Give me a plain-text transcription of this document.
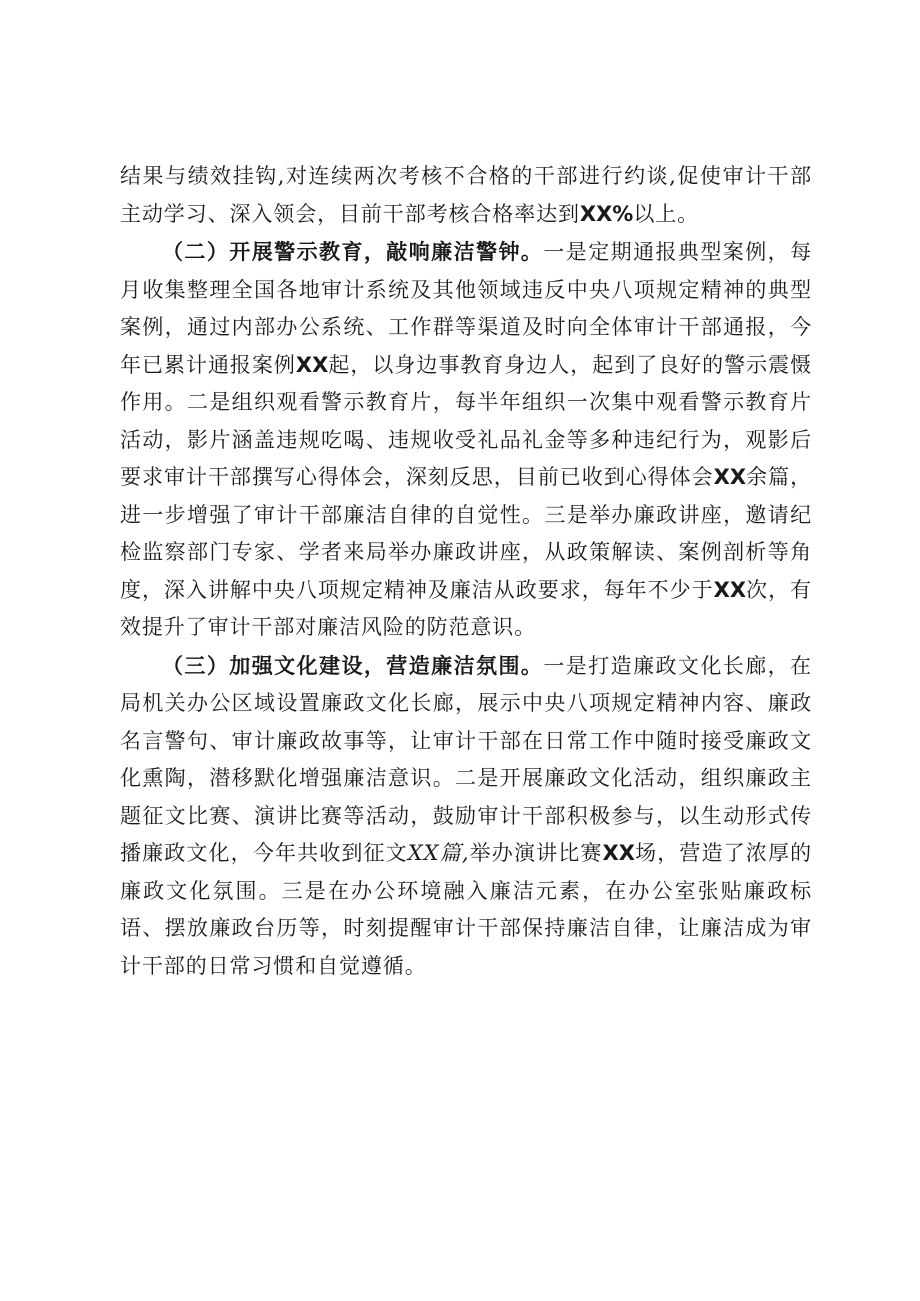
结果与绩效挂钩,对连续两次考核不合格的干部进行约谈,促使审计干部主动学习、深入领会，目前干部考核合格率达到XX%以上。

（二）开展警示教育，敲响廉洁警钟。一是定期通报典型案例，每月收集整理全国各地审计系统及其他领域违反中央八项规定精神的典型案例，通过内部办公系统、工作群等渠道及时向全体审计干部通报，今年已累计通报案例XX起，以身边事教育身边人，起到了良好的警示震慑作用。二是组织观看警示教育片，每半年组织一次集中观看警示教育片活动，影片涵盖违规吃喝、违规收受礼品礼金等多种违纪行为，观影后要求审计干部撰写心得体会，深刻反思，目前已收到心得体会XX余篇，进一步增强了审计干部廉洁自律的自觉性。三是举办廉政讲座，邀请纪检监察部门专家、学者来局举办廉政讲座，从政策解读、案例剖析等角度，深入讲解中央八项规定精神及廉洁从政要求，每年不少于XX次，有效提升了审计干部对廉洁风险的防范意识。

（三）加强文化建设，营造廉洁氛围。一是打造廉政文化长廊，在局机关办公区域设置廉政文化长廊，展示中央八项规定精神内容、廉政名言警句、审计廉政故事等，让审计干部在日常工作中随时接受廉政文化熏陶，潜移默化增强廉洁意识。二是开展廉政文化活动，组织廉政主题征文比赛、演讲比赛等活动，鼓励审计干部积极参与，以生动形式传播廉政文化，今年共收到征文XX篇,举办演讲比赛XX场，营造了浓厚的廉政文化氛围。三是在办公环境融入廉洁元素，在办公室张贴廉政标语、摆放廉政台历等，时刻提醒审计干部保持廉洁自律，让廉洁成为审计干部的日常习惯和自觉遵循。
